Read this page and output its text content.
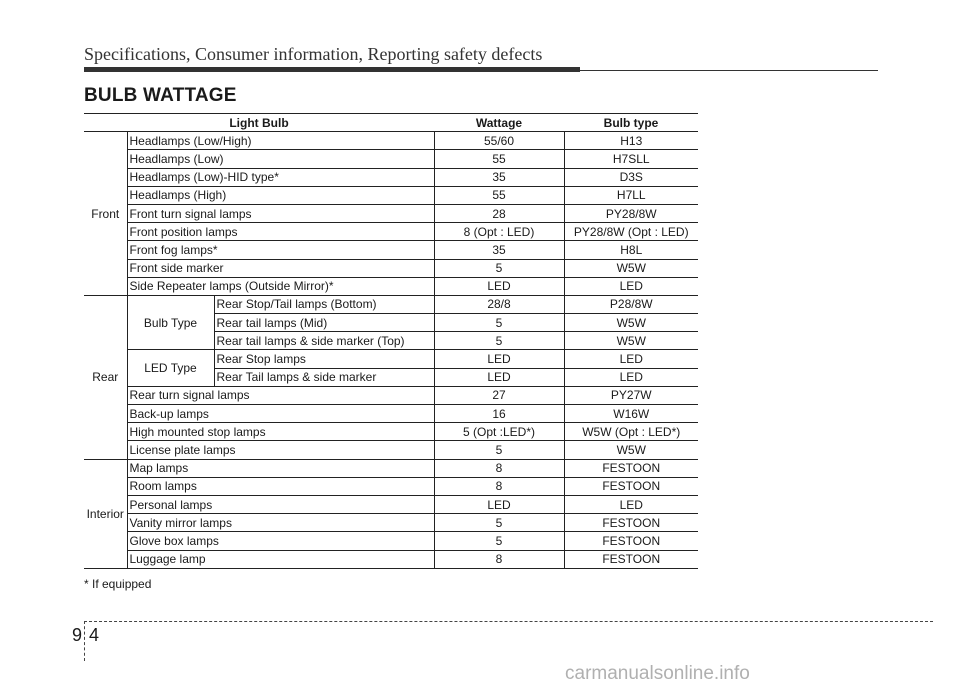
Specifications, Consumer information, Reporting safety defects
BULB WATTAGE
Light Bulb			Wattage	Bulb type
Front	Headlamps (Low/High)		55/60	H13
	Headlamps (Low)		55	H7SLL
	Headlamps (Low)-HID type*		35	D3S
	Headlamps (High)		55	H7LL
	Front turn signal lamps		28	PY28/8W
	Front position lamps		8 (Opt : LED)	PY28/8W (Opt : LED)
	Front fog lamps*		35	H8L
	Front side marker		5	W5W
	Side Repeater lamps (Outside Mirror)*		LED	LED
Rear	Bulb Type	Rear Stop/Tail lamps (Bottom)	28/8	P28/8W
		Rear tail lamps (Mid)	5	W5W
		Rear tail lamps & side marker (Top)	5	W5W
	LED Type	Rear Stop lamps	LED	LED
		Rear Tail lamps & side marker	LED	LED
	Rear turn signal lamps		27	PY27W
	Back-up lamps		16	W16W
	High mounted stop lamps		5 (Opt :LED*)	W5W (Opt : LED*)
	License plate lamps		5	W5W
Interior	Map lamps		8	FESTOON
	Room lamps		8	FESTOON
	Personal lamps		LED	LED
	Vanity mirror lamps		5	FESTOON
	Glove box lamps		5	FESTOON
	Luggage lamp		8	FESTOON
* If equipped
94
carmanualsonline.info
